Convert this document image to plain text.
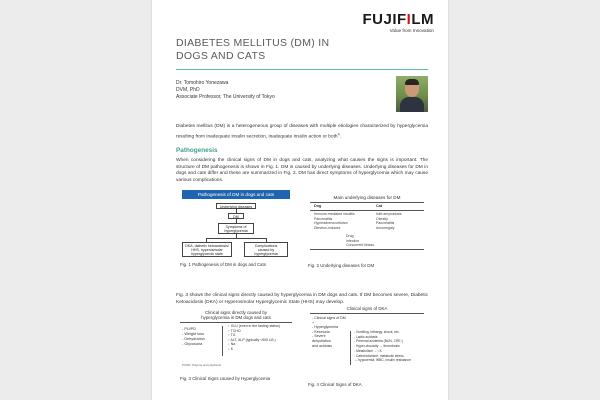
FUJIFILM
Value from Innovation
DIABETES MELLITUS (DM) IN
DOGS AND CATS
Dr. Tomohiro Yonezawa
DVM, PhD
Associate Professor, The University of Tokyo
Diabetes mellitus (DM) is a heterogeneous group of diseases with multiple etiologies characterized by hyperglycemia resulting from inadequate insulin secretion, inadequate insulin action or both$^{1)}$.
Pathogenesis
When considering the clinical signs of DM in dogs and cats, analyzing what causes the signs is important. The structure of DM pathogenesis is shown in Fig. 1. DM is caused by underlying diseases. Underlying diseases for DM in dogs and cats differ and these are summarized in Fig. 2. DM has direct symptoms of hyperglycemia which may cause various complications.
Pathogenesis of DM in dogs and cats
Underlying diseases
DM
Symptoms of
hyperglycemia
DKA, diabetic ketoacidosis/
HHS, hyperosmolar
hyperglycemic state
Complications
caused by
hyperglycemia
Fig. 1 Pathogenesis of DM in dogs and Cats
Main underlying diseases for DM
Dog	Cat
Immune-mediated insulitis
Pancreatitis
Hyperadrenocorticism
Diestrus-induced
Islet amyloidosis
Obesity
Pancreatitis
Acromegaly
Drug
Infection
Concurrent illness
Fig. 2 Underlying diseases for DM
Fig. 3 shows the clinical signs directly caused by hyperglycemia in DM dogs and cats. If DM becomes severe, Diabetic Ketoacidosis (DKA) or Hyperosmolar Hyperglycemic State (HHS) may develop.
Clinical signs directly caused by
hyperglycemia in DM dogs and cats
- PU/PD
- Weight loss
- Dehydration
- Glycosuria
↑ GLU (even in the fasting status)
↑ TCHO
↑ TG
↑ ALT, ALP (typically <500 U/L)
↓ Na
↓ K
PU/PD: Polyuria and polydipsia
Fig. 3 Clinical Signs caused by Hyperglycemia
Clinical signs of DKA
- Clinical signs of DM
+
- Hyperglycemia
- Ketonuria
- Severe
dehydration
and acidosis
- Vomiting, lethargy, shock, etc.
- Lactic acidosis
- Prerenal azotemia (BUN, CRE↑)
- Hyper-viscosity → thrombosis
- Metabolism → ↓K
- Catecholamine, metabolic stress
→ hypoxemia, WBC, insulin resistance
Fig. 4 Clinical Signs of DKA
